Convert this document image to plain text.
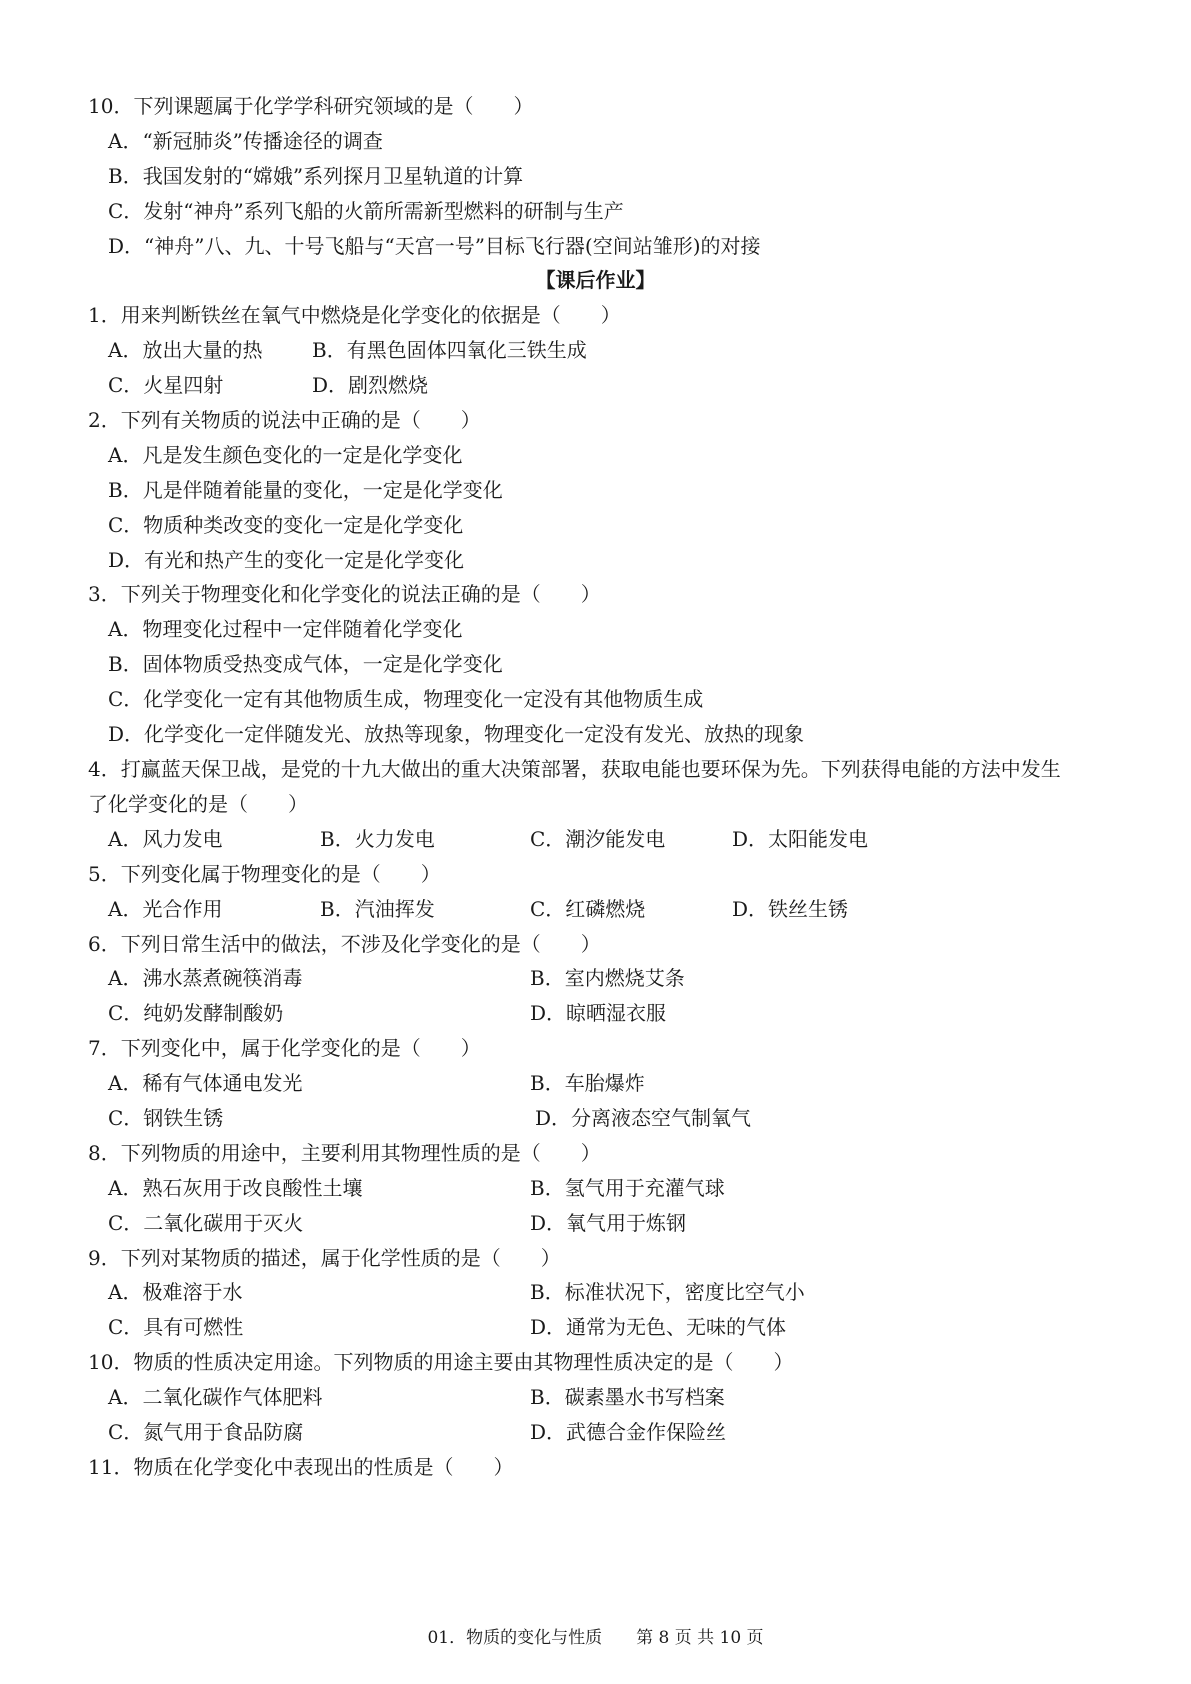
10．下列课题属于化学学科研究领域的是（　　）
A．“新冠肺炎”传播途径的调查
B．我国发射的“嫦娥”系列探月卫星轨道的计算
C．发射“神舟”系列飞船的火箭所需新型燃料的研制与生产
D．“神舟”八、九、十号飞船与“天宫一号”目标飞行器(空间站雏形)的对接
【课后作业】
1．用来判断铁丝在氧气中燃烧是化学变化的依据是（　　）
A．放出大量的热 B．有黑色固体四氧化三铁生成
C．火星四射	D．剧烈燃烧
2．下列有关物质的说法中正确的是（　　）
A．凡是发生颜色变化的一定是化学变化
B．凡是伴随着能量的变化，一定是化学变化
C．物质种类改变的变化一定是化学变化
D．有光和热产生的变化一定是化学变化
3．下列关于物理变化和化学变化的说法正确的是（　　）
A．物理变化过程中一定伴随着化学变化
B．固体物质受热变成气体，一定是化学变化
C．化学变化一定有其他物质生成，物理变化一定没有其他物质生成
D．化学变化一定伴随发光、放热等现象，物理变化一定没有发光、放热的现象
4．打赢蓝天保卫战，是党的十九大做出的重大决策部署，获取电能也要环保为先。下列获得电能的方法中发生
了化学变化的是（　　）
A．风力发电	B．火力发电	C．潮汐能发电	D．太阳能发电
5．下列变化属于物理变化的是（　　）
A．光合作用	B．汽油挥发	C．红磷燃烧	D．铁丝生锈
6．下列日常生活中的做法，不涉及化学变化的是（　　）
A．沸水蒸煮碗筷消毒	B．室内燃烧艾条
C．纯奶发酵制酸奶	D．晾晒湿衣服
7．下列变化中，属于化学变化的是（　　）
A．稀有气体通电发光	B．车胎爆炸
C．钢铁生锈	D．分离液态空气制氧气
8．下列物质的用途中，主要利用其物理性质的是（　　）
A．熟石灰用于改良酸性土壤	B．氢气用于充灌气球
C．二氧化碳用于灭火	D．氧气用于炼钢
9．下列对某物质的描述，属于化学性质的是（　　）
A．极难溶于水	B．标准状况下，密度比空气小
C．具有可燃性	D．通常为无色、无味的气体
10．物质的性质决定用途。下列物质的用途主要由其物理性质决定的是（　　）
A．二氧化碳作气体肥料	B．碳素墨水书写档案
C．氮气用于食品防腐	D．武德合金作保险丝
11．物质在化学变化中表现出的性质是（　　）
01．物质的变化与性质　　第 8 页 共 10 页
